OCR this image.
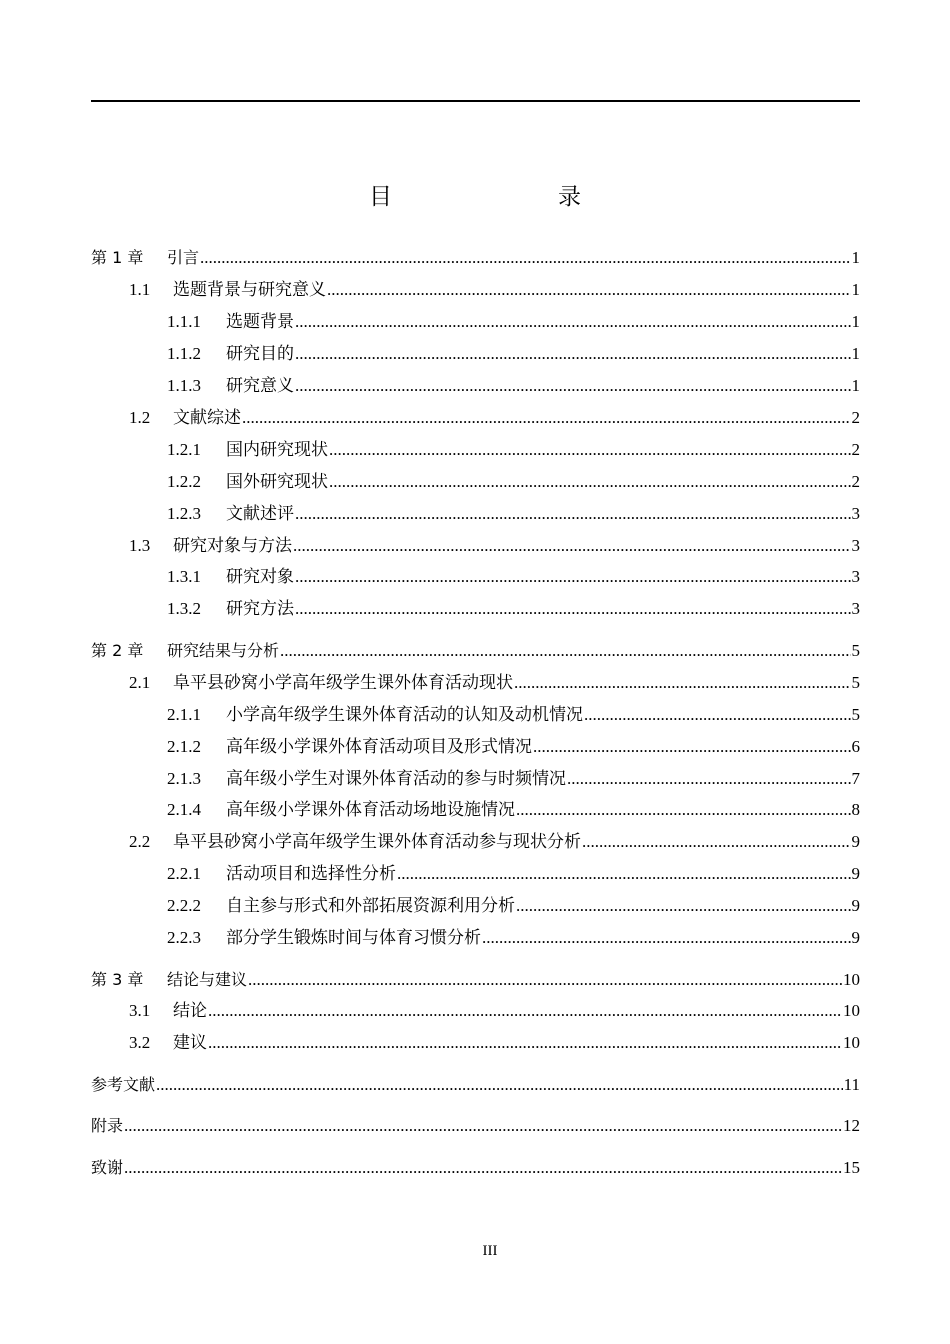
目　　录
第 1 章	引言 .....	1
1.1	选题背景与研究意义 .....	1
1.1.1	选题背景 .....	1
1.1.2	研究目的 .....	1
1.1.3	研究意义 .....	1
1.2	文献综述 .....	2
1.2.1	国内研究现状 .....	2
1.2.2	国外研究现状 .....	2
1.2.3	文献述评 .....	3
1.3	研究对象与方法 .....	3
1.3.1	研究对象 .....	3
1.3.2	研究方法 .....	3
第 2 章	研究结果与分析 .....	5
2.1	阜平县砂窝小学高年级学生课外体育活动现状 .....	5
2.1.1	小学高年级学生课外体育活动的认知及动机情况 .....	5
2.1.2	高年级小学课外体育活动项目及形式情况 .....	6
2.1.3	高年级小学生对课外体育活动的参与时频情况 .....	7
2.1.4	高年级小学课外体育活动场地设施情况 .....	8
2.2	阜平县砂窝小学高年级学生课外体育活动参与现状分析 .....	9
2.2.1	活动项目和选择性分析 .....	9
2.2.2	自主参与形式和外部拓展资源利用分析 .....	9
2.2.3	部分学生锻炼时间与体育习惯分析 .....	9
第 3 章	结论与建议 .....	10
3.1	结论 .....	10
3.2	建议 .....	10
参考文献 .....	11
附录 .....	12
致谢 .....	15
III
